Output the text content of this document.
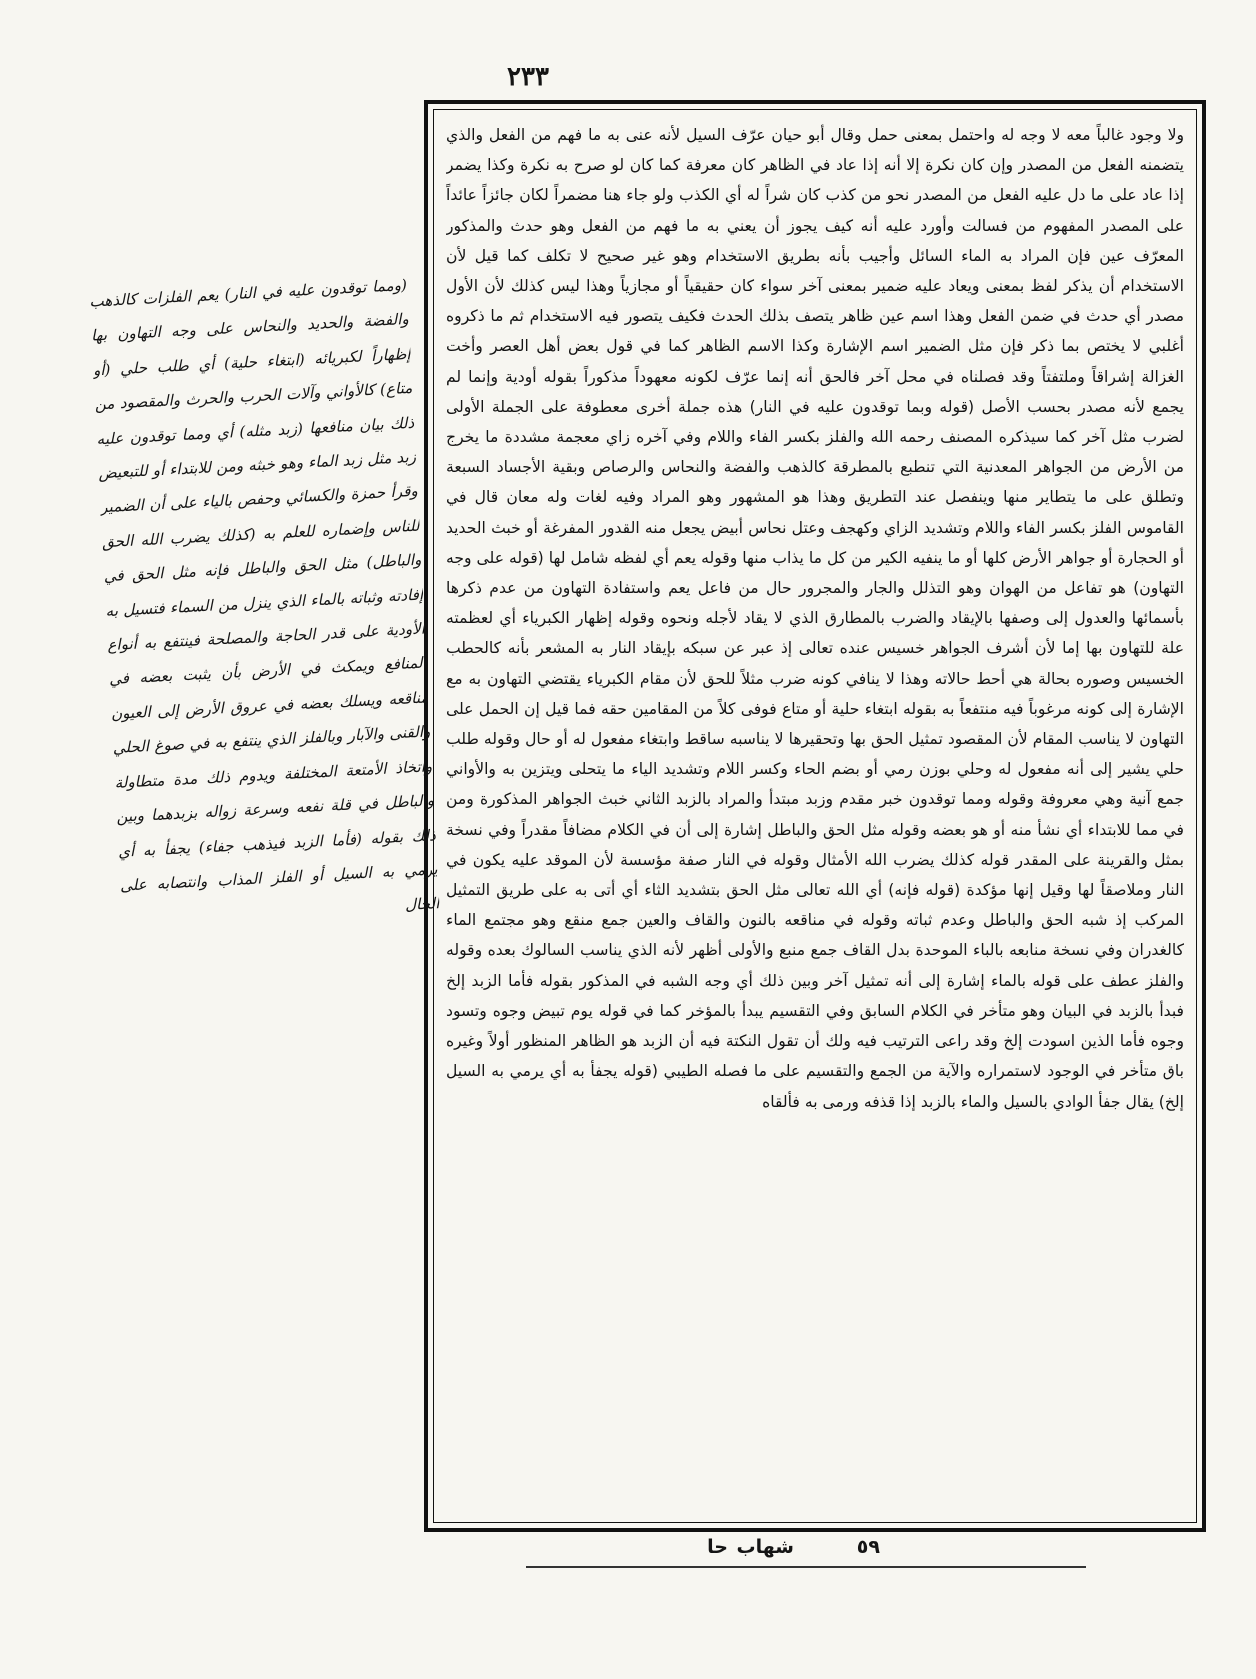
٢٣٣

ولا وجود غالباً معه لا وجه له واحتمل بمعنى حمل وقال أبو حيان عرّف السيل لأنه عنى به ما فهم من الفعل والذي يتضمنه الفعل من المصدر وإن كان نكرة إلا أنه إذا عاد في الظاهر كان معرفة كما كان لو صرح به نكرة وكذا يضمر إذا عاد على ما دل عليه الفعل من المصدر نحو من كذب كان شراً له أي الكذب ولو جاء هنا مضمراً لكان جائزاً عائداً على المصدر المفهوم من فسالت وأورد عليه أنه كيف يجوز أن يعني به ما فهم من الفعل وهو حدث والمذكور المعرّف عين فإن المراد به الماء السائل وأجيب بأنه بطريق الاستخدام وهو غير صحيح لا تكلف كما قيل لأن الاستخدام أن يذكر لفظ بمعنى ويعاد عليه ضمير بمعنى آخر سواء كان حقيقياً أو مجازياً وهذا ليس كذلك لأن الأول مصدر أي حدث في ضمن الفعل وهذا اسم عين ظاهر يتصف بذلك الحدث فكيف يتصور فيه الاستخدام ثم ما ذكروه أغلبي لا يختص بما ذكر فإن مثل الضمير اسم الإشارة وكذا الاسم الظاهر كما في قول بعض أهل العصر وأخت الغزالة إشراقاً وملتفتاً وقد فصلناه في محل آخر فالحق أنه إنما عرّف لكونه معهوداً مذكوراً بقوله أودية وإنما لم يجمع لأنه مصدر بحسب الأصل (قوله وبما توقدون عليه في النار) هذه جملة أخرى معطوفة على الجملة الأولى لضرب مثل آخر كما سيذكره المصنف رحمه الله والفلز بكسر الفاء واللام وفي آخره زاي معجمة مشددة ما يخرج من الأرض من الجواهر المعدنية التي تنطبع بالمطرقة كالذهب والفضة والنحاس والرصاص وبقية الأجساد السبعة وتطلق على ما يتطاير منها وينفصل عند التطريق وهذا هو المشهور وهو المراد وفيه لغات وله معان قال في القاموس الفلز بكسر الفاء واللام وتشديد الزاي وكهجف وعتل نحاس أبيض يجعل منه القدور المفرغة أو خبث الحديد أو الحجارة أو جواهر الأرض كلها أو ما ينفيه الكير من كل ما يذاب منها وقوله يعم أي لفظه شامل لها (قوله على وجه التهاون) هو تفاعل من الهوان وهو التذلل والجار والمجرور حال من فاعل يعم واستفادة التهاون من عدم ذكرها بأسمائها والعدول إلى وصفها بالإيقاد والضرب بالمطارق الذي لا يقاد لأجله ونحوه وقوله إظهار الكبرياء أي لعظمته علة للتهاون بها إما لأن أشرف الجواهر خسيس عنده تعالى إذ عبر عن سبكه بإيقاد النار به المشعر بأنه كالحطب الخسيس وصوره بحالة هي أحط حالاته وهذا لا ينافي كونه ضرب مثلاً للحق لأن مقام الكبرياء يقتضي التهاون به مع الإشارة إلى كونه مرغوباً فيه منتفعاً به بقوله ابتغاء حلية أو متاع فوفى كلاً من المقامين حقه فما قيل إن الحمل على التهاون لا يناسب المقام لأن المقصود تمثيل الحق بها وتحقيرها لا يناسبه ساقط وابتغاء مفعول له أو حال وقوله طلب حلي يشير إلى أنه مفعول له وحلي بوزن رمي أو بضم الحاء وكسر اللام وتشديد الياء ما يتحلى ويتزين به والأواني جمع آنية وهي معروفة وقوله ومما توقدون خبر مقدم وزبد مبتدأ والمراد بالزبد الثاني خبث الجواهر المذكورة ومن في مما للابتداء أي نشأ منه أو هو بعضه وقوله مثل الحق والباطل إشارة إلى أن في الكلام مضافاً مقدراً وفي نسخة بمثل والقرينة على المقدر قوله كذلك يضرب الله الأمثال وقوله في النار صفة مؤسسة لأن الموقد عليه يكون في النار وملاصقاً لها وقيل إنها مؤكدة (قوله فإنه) أي الله تعالى مثل الحق بتشديد الثاء أي أتى به على طريق التمثيل المركب إذ شبه الحق والباطل وعدم ثباته وقوله في مناقعه بالنون والقاف والعين جمع منقع وهو مجتمع الماء كالغدران وفي نسخة منابعه بالباء الموحدة بدل القاف جمع منبع والأولى أظهر لأنه الذي يناسب السالوك بعده وقوله والفلز عطف على قوله بالماء إشارة إلى أنه تمثيل آخر وبين ذلك أي وجه الشبه في المذكور بقوله فأما الزبد إلخ فبدأ بالزبد في البيان وهو متأخر في الكلام السابق وفي التقسيم يبدأ بالمؤخر كما في قوله يوم تبيض وجوه وتسود وجوه فأما الذين اسودت إلخ وقد راعى الترتيب فيه ولك أن تقول النكتة فيه أن الزبد هو الظاهر المنظور أولاً وغيره باق متأخر في الوجود لاستمراره والآية من الجمع والتقسيم على ما فصله الطيبي (قوله يجفأ به أي يرمي به السيل إلخ) يقال جفأ الوادي بالسيل والماء بالزبد إذا قذفه ورمى به فألقاه

(ومما توقدون عليه في النار) يعم الفلزات كالذهب والفضة والحديد والنحاس على وجه التهاون بها إظهاراً لكبريائه (ابتغاء حلية) أي طلب حلي (أو متاع) كالأواني وآلات الحرب والحرث والمقصود من ذلك بيان منافعها (زبد مثله) أي ومما توقدون عليه زبد مثل زبد الماء وهو خبثه ومن للابتداء أو للتبعيض وقرأ حمزة والكسائي وحفص بالياء على أن الضمير للناس وإضماره للعلم به (كذلك يضرب الله الحق والباطل) مثل الحق والباطل فإنه مثل الحق في إفادته وثباته بالماء الذي ينزل من السماء فتسيل به الأودية على قدر الحاجة والمصلحة فينتفع به أنواع المنافع ويمكث في الأرض بأن يثبت بعضه في مناقعه ويسلك بعضه في عروق الأرض إلى العيون والقنى والآبار وبالفلز الذي ينتفع به في صوغ الحلي واتخاذ الأمتعة المختلفة ويدوم ذلك مدة متطاولة والباطل في قلة نفعه وسرعة زواله بزبدهما وبين ذلك بقوله (فأما الزبد فيذهب جفاء) يجفأ به أي يرمي به السيل أو الفلز المذاب وانتصابه على الحال

٥٩
شهاب
حا
